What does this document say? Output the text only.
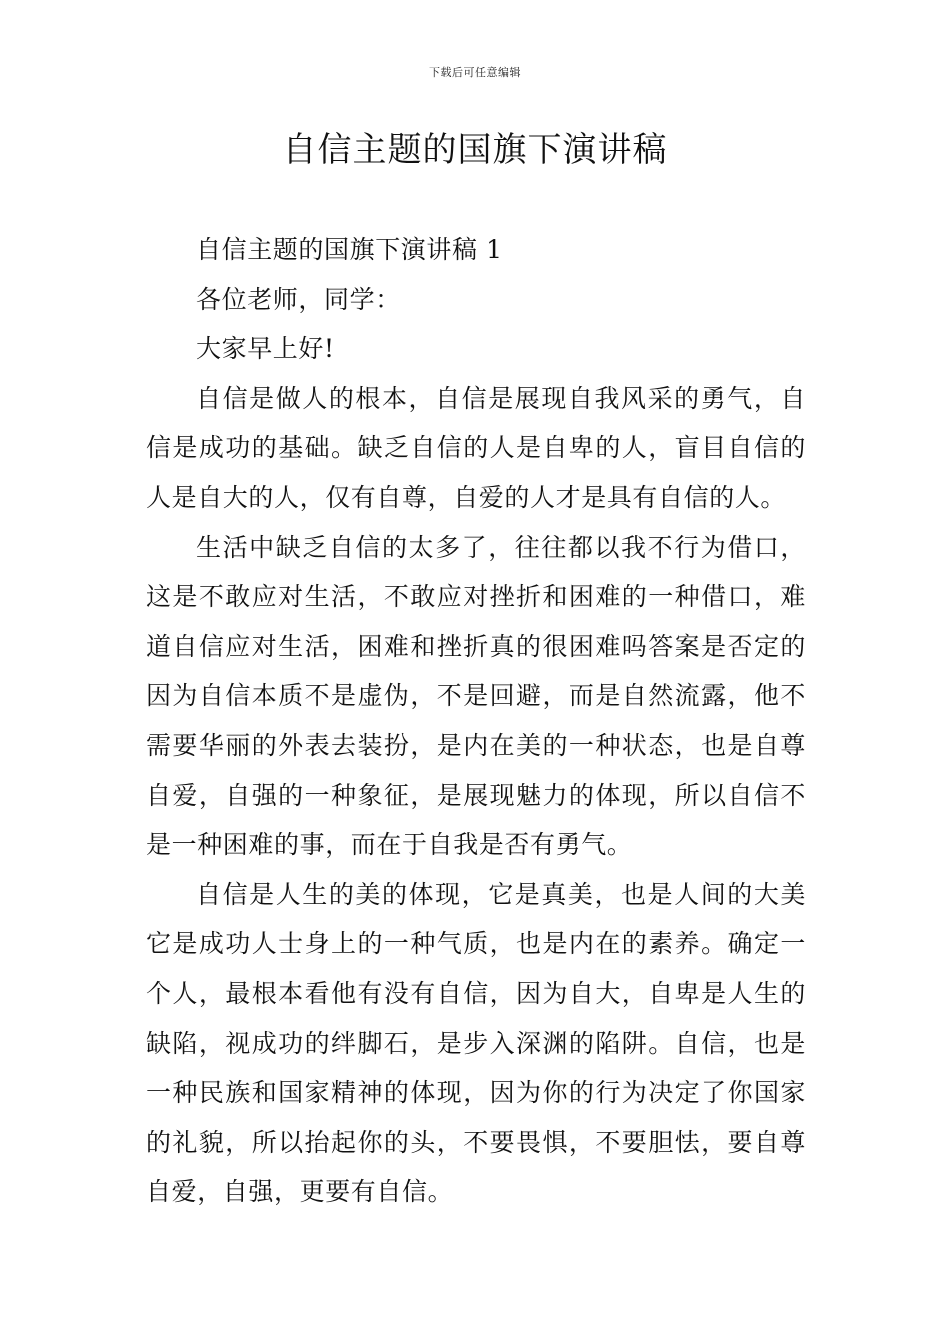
下载后可任意编辑
自信主题的国旗下演讲稿

自信主题的国旗下演讲稿 1

各位老师，同学：

大家早上好!

自信是做人的根本，自信是展现自我风采的勇气，自信是成功的基础。缺乏自信的人是自卑的人，盲目自信的人是自大的人，仅有自尊，自爱的人才是具有自信的人。

生活中缺乏自信的太多了，往往都以我不行为借口，这是不敢应对生活，不敢应对挫折和困难的一种借口，难道自信应对生活，困难和挫折真的很困难吗答案是否定的因为自信本质不是虚伪，不是回避，而是自然流露，他不需要华丽的外表去装扮，是内在美的一种状态，也是自尊自爱，自强的一种象征，是展现魅力的体现，所以自信不是一种困难的事，而在于自我是否有勇气。

自信是人生的美的体现，它是真美，也是人间的大美它是成功人士身上的一种气质，也是内在的素养。确定一个人，最根本看他有没有自信，因为自大，自卑是人生的缺陷，视成功的绊脚石，是步入深渊的陷阱。自信，也是一种民族和国家精神的体现，因为你的行为决定了你国家的礼貌，所以抬起你的头，不要畏惧，不要胆怯，要自尊自爱，自强，更要有自信。
